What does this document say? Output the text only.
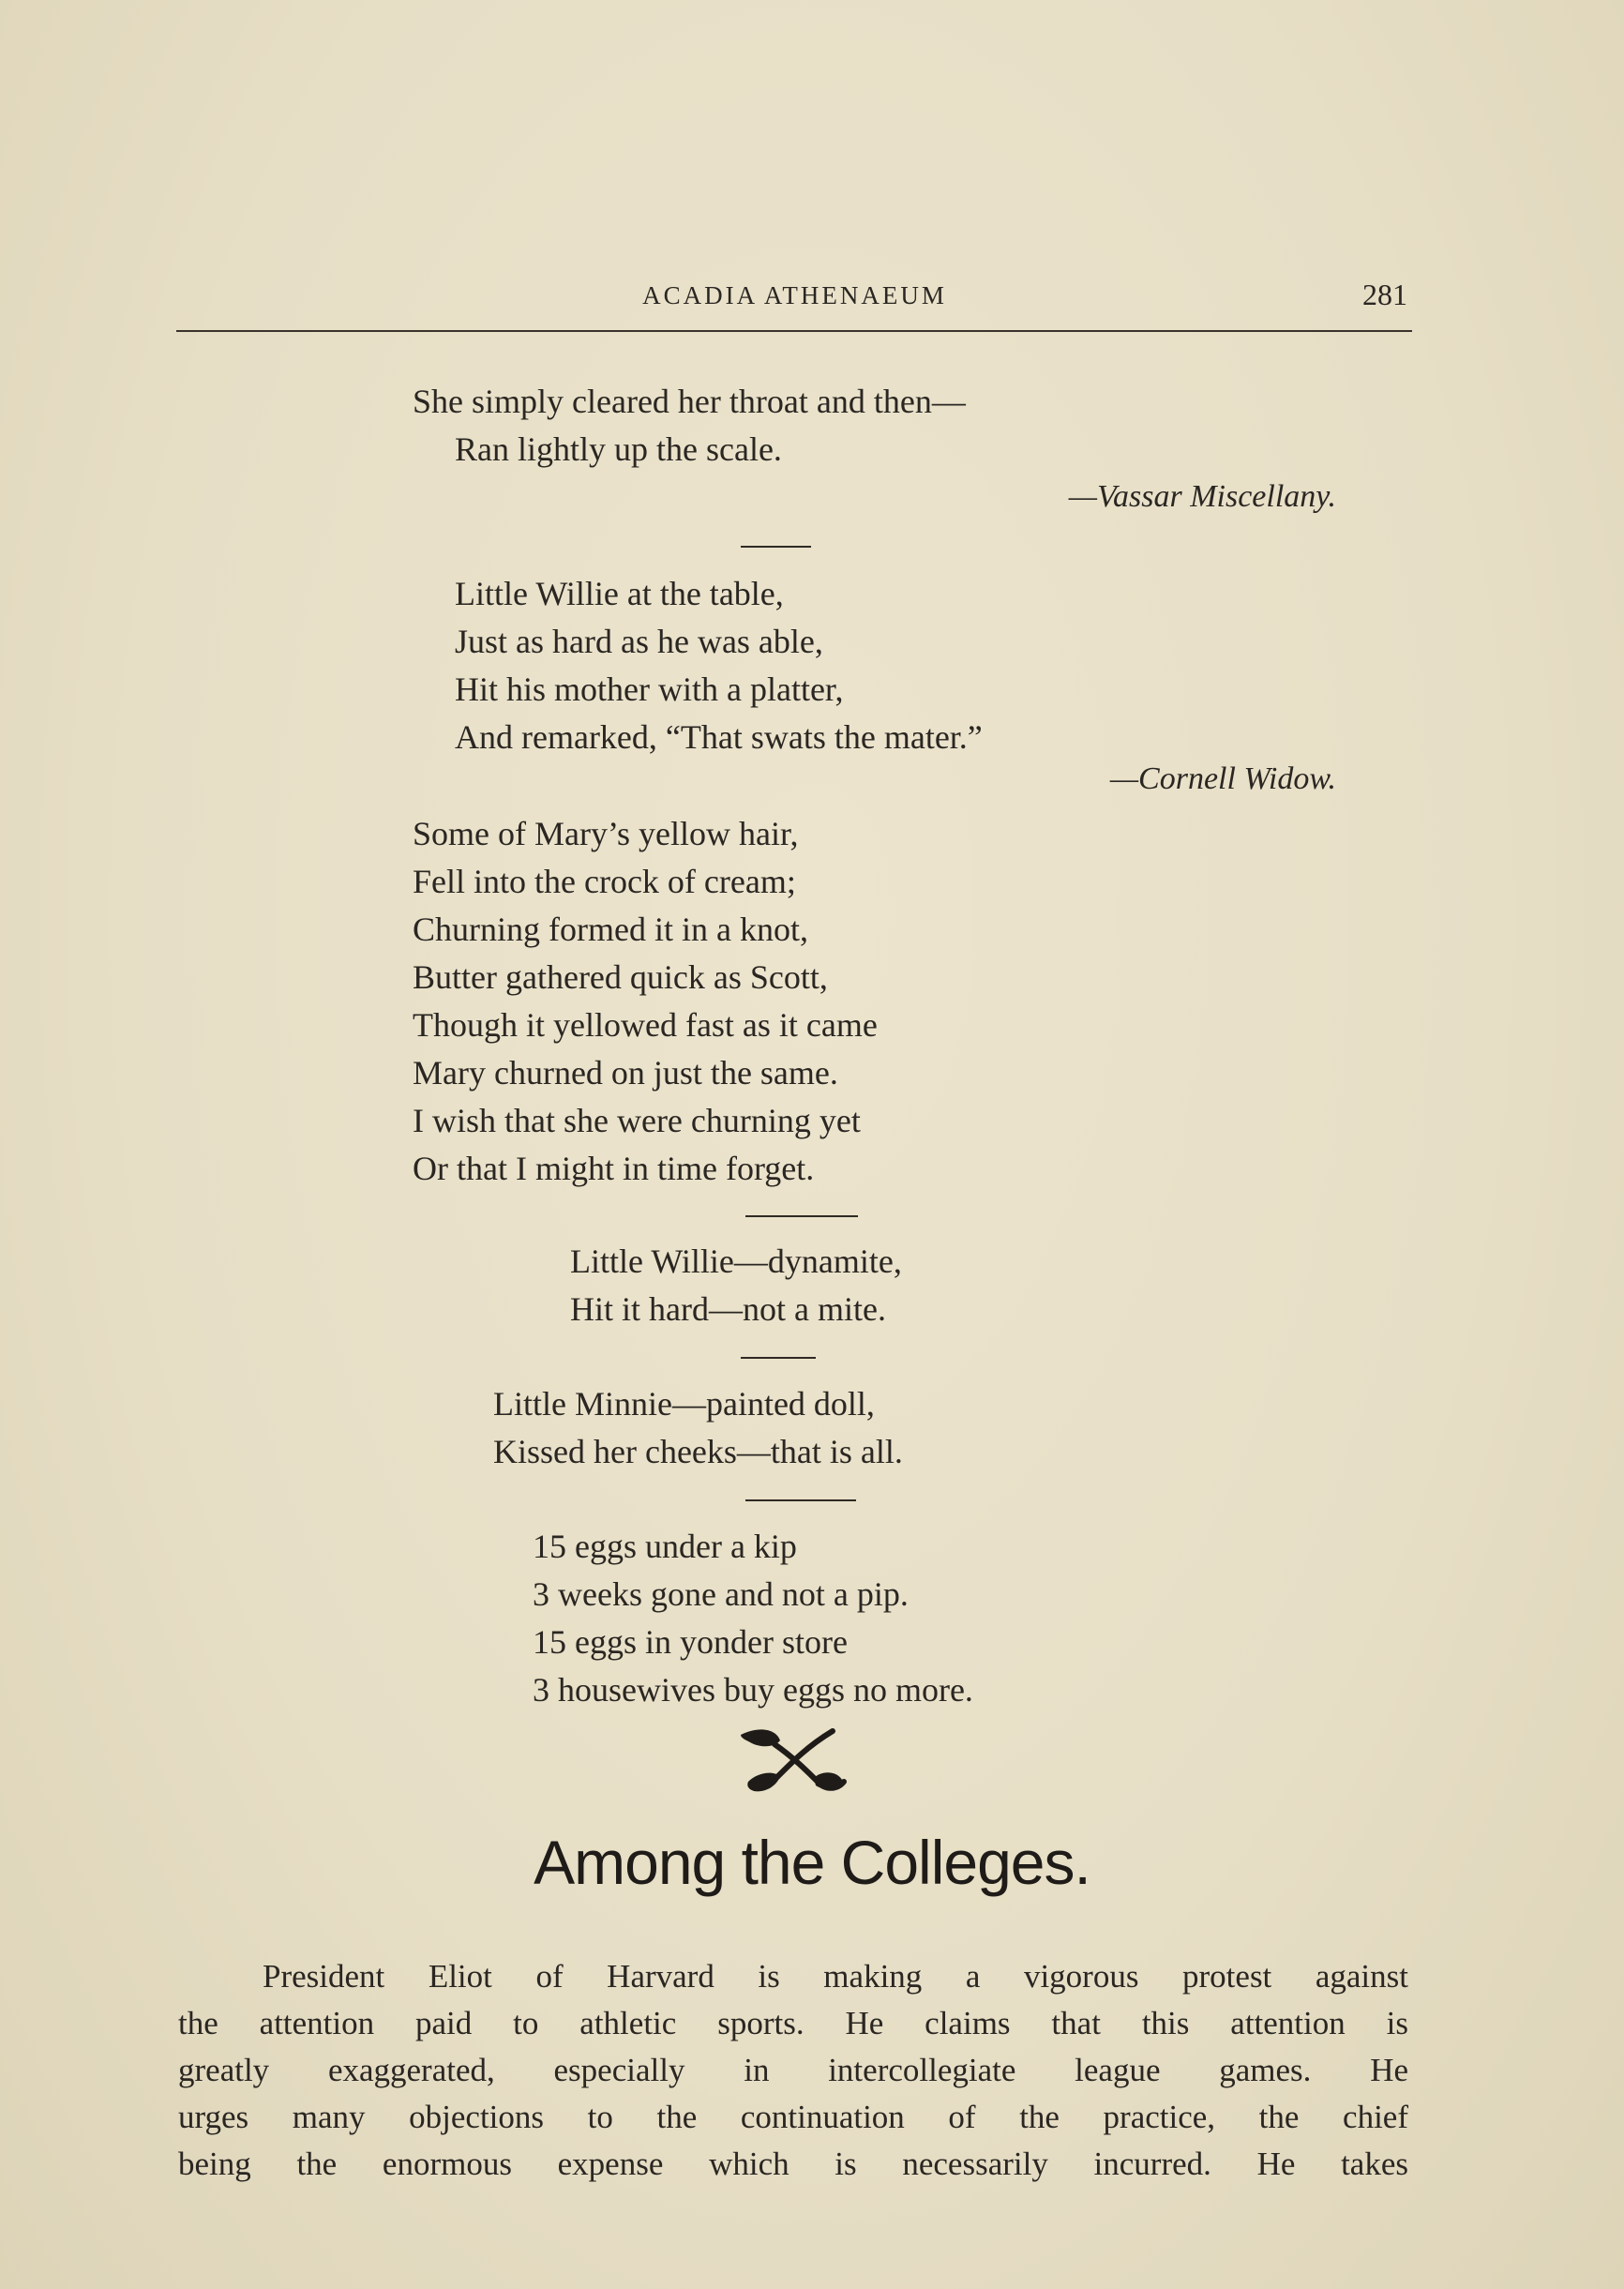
ACADIA ATHENAEUM	281
She simply cleared her throat and then—
Ran lightly up the scale.
—Vassar Miscellany.
Little Willie at the table,
Just as hard as he was able,
Hit his mother with a platter,
And remarked, “That swats the mater.”
—Cornell Widow.
Some of Mary’s yellow hair,
Fell into the crock of cream;
Churning formed it in a knot,
Butter gathered quick as Scott,
Though it yellowed fast as it came
Mary churned on just the same.
I wish that she were churning yet
Or that I might in time forget.
Little Willie—dynamite,
Hit it hard—not a mite.
Little Minnie—painted doll,
Kissed her cheeks—that is all.
15 eggs under a kip
3 weeks gone and not a pip.
15 eggs in yonder store
3 housewives buy eggs no more.
Among the Colleges.
President Eliot of Harvard is making a vigorous protest against
the attention paid to athletic sports. He claims that this attention is
greatly exaggerated, especially in intercollegiate league games. He
urges many objections to the continuation of the practice, the chief
being the enormous expense which is necessarily incurred. He takes
